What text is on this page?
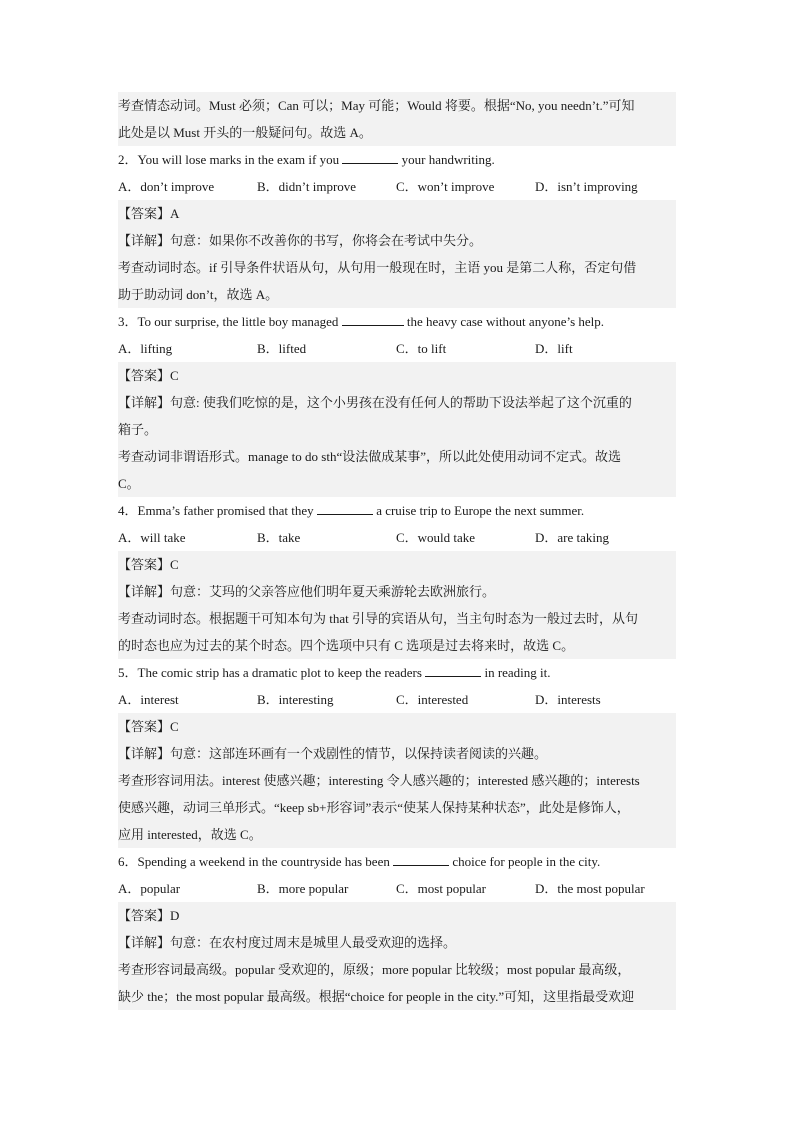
考查情态动词。Must 必须；Can 可以；May 可能；Would 将要。根据“No, you needn’t.”可知
此处是以 Must 开头的一般疑问句。故选 A。
2．You will lose marks in the exam if you	your handwriting.
A．don’t improve	B．didn’t improve	C．won’t improve	D．isn’t improving
【答案】A
【详解】句意：如果你不改善你的书写，你将会在考试中失分。
考查动词时态。if 引导条件状语从句，从句用一般现在时，主语 you 是第二人称，否定句借
助于助动词 don’t，故选 A。
3．To our surprise, the little boy managed	the heavy case without anyone’s help.
A．lifting	B．lifted	C．to lift	D．lift
【答案】C
【详解】句意: 使我们吃惊的是，这个小男孩在没有任何人的帮助下设法举起了这个沉重的
箱子。
考查动词非谓语形式。manage to do sth“设法做成某事”，所以此处使用动词不定式。故选
C。
4．Emma’s father promised that they	a cruise trip to Europe the next summer.
A．will take	B．take	C．would take	D．are taking
【答案】C
【详解】句意：艾玛的父亲答应他们明年夏天乘游轮去欧洲旅行。
考查动词时态。根据题干可知本句为 that 引导的宾语从句，当主句时态为一般过去时，从句
的时态也应为过去的某个时态。四个选项中只有 C 选项是过去将来时，故选 C。
5．The comic strip has a dramatic plot to keep the readers	in reading it.
A．interest	B．interesting	C．interested	D．interests
【答案】C
【详解】句意：这部连环画有一个戏剧性的情节，以保持读者阅读的兴趣。
考查形容词用法。interest 使感兴趣；interesting 令人感兴趣的；interested 感兴趣的；interests
使感兴趣，动词三单形式。“keep sb+形容词”表示“使某人保持某种状态”，此处是修饰人，
应用 interested，故选 C。
6．Spending a weekend in the countryside has been	choice for people in the city.
A．popular	B．more popular	C．most popular	D．the most popular
【答案】D
【详解】句意：在农村度过周末是城里人最受欢迎的选择。
考查形容词最高级。popular 受欢迎的，原级；more popular 比较级；most popular 最高级，
缺少 the；the most popular 最高级。根据“choice for people in the city.”可知，这里指最受欢迎
